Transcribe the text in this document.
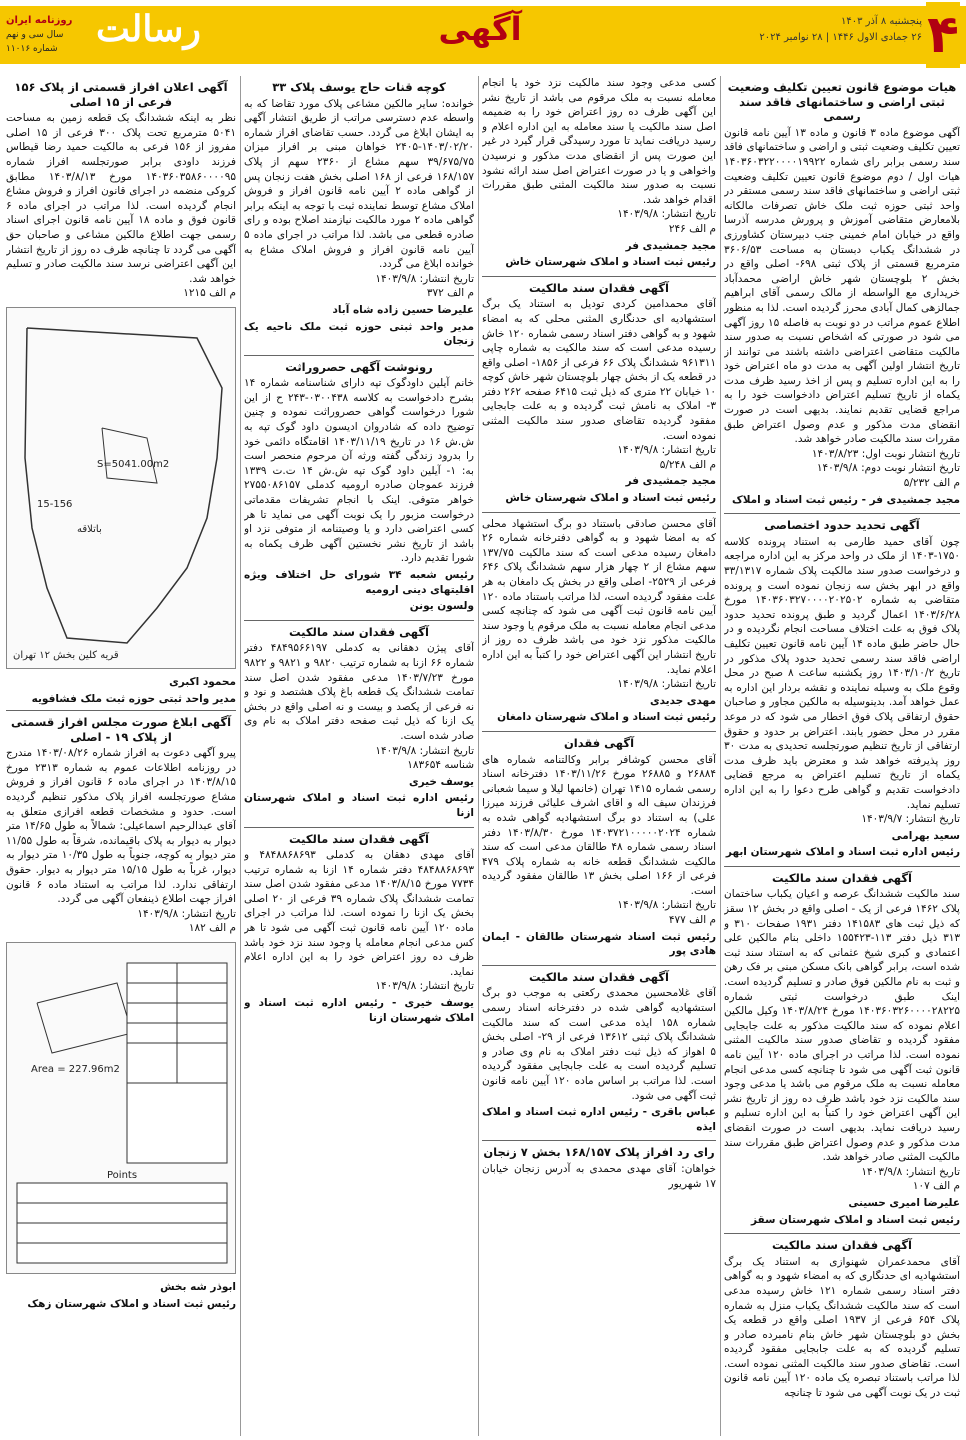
۴
پنجشنبه ۸ آذر ۱۴۰۳
۲۶ جمادی الاول ۱۴۴۶ | ۲۸ نوامبر ۲۰۲۴
آگهی
رسالت
روزنامه ایران
سال سی و نهم
شماره ۱۱۰۱۶
هیات موضوع قانون تعیین تکلیف وضعیت ثبتی اراضی و ساختمانهای فاقد سند رسمی

آگهی موضوع ماده ۳ قانون و ماده ۱۳ آیین نامه قانون تعیین تکلیف وضعیت ثبتی و اراضی و ساختمانهای فاقد سند رسمی برابر رای شماره ۱۴۰۳۶۰۳۲۲۰۰۰۰۱۹۹۲۲ هیات اول / دوم موضوع قانون تعیین تکلیف وضعیت ثبتی اراضی و ساختمانهای فاقد سند رسمی مستقر در واحد ثبتی حوزه ثبت ملک خاش تصرفات مالکانه بلامعارض متقاضی آموزش و پرورش مدرسه آذرسا واقع در خیابان امام خمینی جنب دبیرستان کشاورزی در ششدانگ یکباب دبستان به مساحت ۳۶۰۶/۵۳ مترمربع قسمتی از پلاک ثبتی ۶۹۸- اصلی واقع در بخش ۲ بلوچستان شهر خاش اراضی محمدآباد خریداری مع الواسطه از مالک رسمی آقای ابراهیم جمالزهی کمال آبادی محرز گردیده است. لذا به منظور اطلاع عموم مراتب در دو نوبت به فاصله ۱۵ روز آگهی می شود در صورتی که اشخاص نسبت به صدور سند مالکیت متقاضی اعتراضی داشته باشند می توانند از تاریخ انتشار اولین آگهی به مدت دو ماه اعتراض خود را به این اداره تسلیم و پس از اخذ رسید ظرف مدت یکماه از تاریخ تسلیم اعتراض دادخواست خود را به مراجع قضایی تقدیم نمایند. بدیهی است در صورت انقضای مدت مذکور و عدم وصول اعتراض طبق مقررات سند مالکیت صادر خواهد شد.

تاریخ انتشار نوبت اول: ۱۴۰۳/۸/۲۳
تاریخ انتشار نوبت دوم: ۱۴۰۳/۹/۸
م الف ۵/۲۳۲
مجید جمشیدی فر - رئیس ثبت اسناد و املاک
آگهی تحدید حدود اختصاصی

چون آقای حمید طارمی به استناد پرونده کلاسه ۱۷۵۰-۱۴۰۳ از ملک در واحد مرکز به این اداره مراجعه و درخواست صدور سند مالکیت پلاک شماره ۳۳/۱۳۱۷ واقع در ابهر بخش سه زنجان نموده است و پرونده متقاضی به شماره ۱۴۰۳۶۰۳۲۷۰۰۰۰۲۰۲۵۰۲ مورخ ۱۴۰۳/۶/۲۸ اعمال گردید و طبق پرونده تحدید حدود پلاک فوق به علت اختلاف مساحت انجام نگردیده و در حال حاضر طبق ماده ۱۴ آیین نامه قانون تعیین تکلیف اراضی فاقد سند رسمی تحدید حدود پلاک مذکور در تاریخ ۱۴۰۳/۱۰/۲ روز یکشنبه ساعت ۸ صبح در محل وقوع ملک به وسیله نماینده و نقشه بردار این اداره به عمل خواهد آمد. بدینوسیله به مالکین مجاور و صاحبان حقوق ارتفاقی پلاک فوق اخطار می شود که در موعد مقرر در محل حضور یابند. اعتراض بر حدود و حقوق ارتفاقی از تاریخ تنظیم صورتجلسه تحدیدی به مدت ۳۰ روز پذیرفته خواهد شد و معترض باید ظرف مدت یکماه از تاریخ تسلیم اعتراض به مرجع قضایی دادخواست تقدیم و گواهی طرح دعوا را به این اداره تسلیم نماید.

تاریخ انتشار: ۱۴۰۳/۹/۷
سعید بهرامی
رئیس اداره ثبت اسناد و املاک شهرستان ابهر
آگهی فقدان سند مالکیت

سند مالکیت ششدانگ عرصه و اعیان یکباب ساختمان پلاک ۱۴۶۲ فرعی از یک - اصلی واقع در بخش ۱۲ سقز که ذیل ثبت های ۱۴۱۵۸۳ دفتر ۱۹۳۱ صفحات ۳۱۰ و ۳۱۳ ذیل دفتر ۱۱۳-۱۵۵۴۲۳ داخلی بنام مالکین علی اعتمادی و کبری شیخ عثمانی که به استناد سند ثبت شده است، برابر گواهی بانک مسکن مبنی بر فک رهن و ثبت به نام مالکین فوق صادر و تسلیم گردیده است. اینک طبق درخواست ثبتی شماره ۱۴۰۳۶۰۳۲۶۰۰۰۰۲۸۲۲۵ مورخ ۱۴۰۳/۸/۲۴ وکیل مالکین اعلام نموده که سند مالکیت مذکور به علت جابجایی مفقود گردیده و تقاضای صدور سند مالکیت المثنی نموده است. لذا مراتب در اجرای ماده ۱۲۰ آیین نامه قانون ثبت آگهی می شود تا چنانچه کسی مدعی انجام معامله نسبت به ملک مرقوم می باشد یا مدعی وجود سند مالکیت نزد خود باشد ظرف ده روز از تاریخ نشر این آگهی اعتراض خود را کتباً به این اداره تسلیم و رسید دریافت نماید. بدیهی است در صورت انقضای مدت مذکور و عدم وصول اعتراض طبق مقررات سند مالکیت المثنی صادر خواهد شد.

تاریخ انتشار: ۱۴۰۳/۹/۸
م الف ۱۰۷
علیرضا امیری حسینی
رئیس ثبت اسناد و املاک شهرستان سقز
آگهی فقدان سند مالکیت

آقای محمدعمران شهنوازی به استناد یک برگ استشهادیه ای حدنگاری که به امضاء شهود و به گواهی دفتر اسناد رسمی شماره ۱۲۱ خاش رسیده مدعی است که سند مالکیت ششدانگ یکباب منزل به شماره پلاک ۶۵۴ فرعی از ۱۹۳۷ اصلی واقع در قطعه یک بخش دو بلوچستان شهر خاش بنام نامبرده صادر و تسلیم گردیده که به علت جابجایی مفقود گردیده است. تقاضای صدور سند مالکیت المثنی نموده است. لذا مراتب باستناد تبصره یک ماده ۱۲۰ آیین نامه قانون ثبت در یک نوبت آگهی می شود تا چنانچه

کسی مدعی وجود سند مالکیت نزد خود یا انجام معامله نسبت به ملک مرقوم می باشد از تاریخ نشر این آگهی ظرف ده روز اعتراض خود را به ضمیمه اصل سند مالکیت یا سند معامله به این اداره اعلام و رسید دریافت نماید تا مورد رسیدگی قرار گیرد در غیر این صورت پس از انقضای مدت مذکور و نرسیدن واخواهی و یا در صورت اعتراض اصل سند ارائه نشود نسبت به صدور سند مالکیت المثنی طبق مقررات اقدام خواهد شد.

تاریخ انتشار: ۱۴۰۳/۹/۸
م الف ۲۴۶
مجید جمشیدی فر
رئیس ثبت اسناد و املاک شهرستان خاش
آگهی فقدان سند مالکیت

آقای محمدامین کردی تودیل به استناد یک برگ استشهادیه ای حدنگاری المثنی محلی که به امضاء شهود و به گواهی دفتر اسناد رسمی شماره ۱۲۰ خاش رسیده مدعی است که سند مالکیت به شماره چاپی ۹۶۱۳۱۱ ششدانگ پلاک ۶۶ فرعی از ۱۸۵۶- اصلی واقع در قطعه یک از بخش چهار بلوچستان شهر خاش کوچه ۱۰ خیابان ۲۲ متری که ذیل ثبت ۶۴۱۵ صفحه ۲۶۲ دفتر ۳- املاک به نامش ثبت گردیده و به علت جابجایی مفقود گردیده تقاضای صدور سند مالکیت المثنی نموده است.

تاریخ انتشار: ۱۴۰۳/۹/۸
م الف ۵/۲۴۸
مجید جمشیدی فر
رئیس ثبت اسناد و املاک شهرستان خاش

آقای محسن صادقی باستناد دو برگ استشهاد محلی که به امضا شهود و به گواهی دفترخانه شماره ۲۶ دامغان رسیده مدعی است که سند مالکیت ۱۳۷/۷۵ سهم مشاع از ۲ چهار هزار سهم ششدانگ پلاک ۶۴۶ فرعی از ۲۵۲۹- اصلی واقع در بخش یک دامغان به هر علت مفقود گردیده است، لذا مراتب باستناد ماده ۱۲۰ آیین نامه قانون ثبت آگهی می شود که چنانچه کسی مدعی انجام معامله نسبت به ملک مرقوم یا وجود سند مالکیت مذکور نزد خود می باشد ظرف ده روز از تاریخ انتشار این آگهی اعتراض خود را کتباً به این اداره اعلام نماید.

تاریخ انتشار: ۱۴۰۳/۹/۸
مهدی جدیدی
رئیس ثبت اسناد و املاک شهرستان دامغان
آگهی فقدان

آقای محسن کوشافر برابر وکالتنامه شماره های ۲۶۸۸۴ و ۲۶۸۸۵ مورخ ۱۴۰۳/۱۱/۲۶ دفترخانه اسناد رسمی شماره ۱۴۱۵ تهران (خانمها لیلا و سیما شعبانی فرزندان سیف اله و اقای اشرف علیائی فرزند میرزا علی) به استناد دو برگ استشهادیه گواهی شده به شماره ۱۴۰۳۷۲۱۰۰۰۰۰۲۰۲۴ مورخ ۱۴۰۳/۸/۳۰ دفتر اسناد رسمی شماره ۴۸ طالقان مدعی است که سند مالکیت ششدانگ قطعه خانه به شماره پلاک ۴۷۹ فرعی از ۱۶۶ اصلی بخش ۱۳ طالقان مفقود گردیده است.

تاریخ انتشار: ۱۴۰۳/۹/۸
م الف ۴۷۷
رئیس ثبت اسناد شهرستان طالقان - ایمان هادی پور
آگهی فقدان سند مالکیت

آقای غلامحسین محمدی رکعتی به موجب دو برگ استشهادیه گواهی شده در دفترخانه اسناد رسمی شماره ۱۵۸ ایذه مدعی است که سند مالکیت ششدانگ پلاک ثبتی ۱۳۶۱۲ فرعی از ۲۹- اصلی بخش ۵ اهواز که ذیل ثبت دفتر املاک به نام وی صادر و تسلیم گردیده است به علت جابجایی مفقود گردیده است. لذا مراتب بر اساس ماده ۱۲۰ آیین نامه قانون ثبت آگهی می شود.

عباس باقری - رئیس اداره ثبت اسناد و املاک ایذه
رای رد افراز پلاک ۱۶۸/۱۵۷ بخش ۷ زنجان

خواهان: آقای مهدی محمدی به آدرس زنجان خیابان ۱۷ شهریور

کوچه قنات حاج یوسف پلاک ۳۳

خوانده: سایر مالکین مشاعی پلاک مورد تقاضا که به واسطه عدم دسترسی مراتب از طریق انتشار آگهی به ایشان ابلاغ می گردد. حسب تقاضای افراز شماره ۱۴۰۳/۰۲/۲۰-۲۴۰۵ خواهان مبنی بر افراز میزان ۳۹/۶۷۵/۷۵ سهم مشاع از ۲۳۶۰ سهم از پلاک ۱۶۸/۱۵۷ فرعی از ۱۶۸ اصلی بخش هفت زنجان پس از گواهی ماده ۲ آیین نامه قانون افراز و فروش املاک مشاع توسط نماینده ثبت با توجه به اینکه برابر گواهی ماده ۲ مورد مالکیت نیازمند اصلاح بوده و رای صادره قطعی می باشد. لذا مراتب در اجرای ماده ۵ آیین نامه قانون افراز و فروش املاک مشاع به خوانده ابلاغ می گردد.

تاریخ انتشار: ۱۴۰۳/۹/۸
م الف ۳۷۲
علیرضا حسین زاده شاه آباد
مدیر واحد ثبتی حوزه ثبت ملک ناحیه یک زنجان
رونوشت آگهی حصروراثت

خانم آیلین داودگوک تپه دارای شناسنامه شماره ۱۴ بشرح دادخواست به کلاسه ۰۳۰۰۴۳۸-۲۴۳ ح از این شورا درخواست گواهی حصروراثت نموده و چنین توضیح داده که شادروان ادیسون داود گوک تپه به ش.ش ۱۶ در تاریخ ۱۴۰۳/۱۱/۱۹ اقامتگاه دائمی خود را بدرود زندگی گفته ورثه آن مرحوم منحصر است به: ۱- آیلین داود گوک تپه ش.ش ۱۴ ت.ت ۱۳۳۹ فرزند عموجان صادره ارومیه کدملی ۲۷۵۵۰۸۶۱۵۷ خواهر متوفی. اینک با انجام تشریفات مقدماتی درخواست مزبور را یک نوبت آگهی می نماید تا هر کسی اعتراضی دارد و یا وصیتنامه از متوفی نزد او باشد از تاریخ نشر نخستین آگهی ظرف یکماه به شورا تقدیم دارد.

رئیس شعبه ۳۴ شورای حل اختلاف ویژه اقلیتهای دینی ارومیه
ولسون یونن
آگهی فقدان سند مالکیت

آقای پیژن دهقانی به کدملی ۴۸۴۹۵۶۶۱۹۷ دفتر شماره ۶۶ ازنا به شماره ترتیب ۹۸۲۰ و ۹۸۲۱ و ۹۸۲۲ مورخ ۱۴۰۳/۷/۲۳ مدعی مفقود شدن اصل سند تمامت ششدانگ یک قطعه باغ پلاک هشتصد و نود و نه فرعی از یکصد و بیست و نه اصلی واقع در بخش یک ازنا که ذیل ثبت صفحه دفتر املاک به نام وی صادر شده است.

تاریخ انتشار: ۱۴۰۳/۹/۸
شناسه ۱۸۳۶۵۴
یوسف خیری
رئیس اداره ثبت اسناد و املاک شهرستان ازنا
آگهی فقدان سند مالکیت

آقای مهدی دهقان به کدملی ۴۸۴۸۸۶۸۶۹۳ و ۴۸۴۸۸۶۸۶۹۳ دفتر شماره ۱۴ ازنا به شماره ترتیب ۷۷۳۴ مورخ ۱۴۰۳/۸/۱۵ مدعی مفقود شدن اصل سند تمامت ششدانگ پلاک شماره ۳۹ فرعی از ۲۰ اصلی بخش یک ازنا را نموده است. لذا مراتب در اجرای ماده ۱۲۰ آیین نامه قانون ثبت آگهی می شود تا هر کس مدعی انجام معامله یا وجود سند نزد خود باشد ظرف ده روز اعتراض خود را به این اداره اعلام نماید.

تاریخ انتشار: ۱۴۰۳/۹/۸
یوسف خیری - رئیس اداره ثبت اسناد و املاک شهرستان ازنا
آگهی اعلان افراز قسمتی از پلاک ۱۵۶ فرعی از ۱۵ اصلی

نظر به اینکه ششدانگ یک قطعه زمین به مساحت ۵۰۴۱ مترمربع تحت پلاک ۳۰۰ فرعی از ۱۵ اصلی مفروز از ۱۵۶ فرعی به مالکیت حمید رضا قیطاس فرزند داودی برابر صورتجلسه افراز شماره ۱۴۰۳۶۰۳۵۸۶۰۰۰۰۹۵ مورخ ۱۴۰۳/۸/۱۳ مطابق کروکی منضمه در اجرای قانون افراز و فروش مشاع انجام گردیده است. لذا مراتب در اجرای ماده ۶ قانون فوق و ماده ۱۸ آیین نامه قانون اجرای اسناد رسمی جهت اطلاع مالکین مشاعی و صاحبان حق آگهی می گردد تا چنانچه ظرف ده روز از تاریخ انتشار این آگهی اعتراضی نرسد سند مالکیت صادر و تسلیم خواهد شد.

م الف ۱۲۱۵
S=5041.00m2
15-156
باتلاقه
قریه کلین بخش ۱۲ تهران
محمود اکبری
مدیر واحد ثبتی حوزه ثبت ملک فشافویه
آگهی ابلاغ صورت مجلس افراز قسمتی از پلاک ۱۹ - اصلی

پیرو آگهی دعوت به افراز شماره ۱۴۰۳/۰۸/۲۶ مندرج در روزنامه اطلاعات عموم به شماره ۲۳۱۳ مورخ ۱۴۰۳/۸/۱۵ در اجرای ماده ۶ قانون افراز و فروش مشاع صورتجلسه افراز پلاک مذکور تنظیم گردیده است. حدود و مشخصات قطعه افرازی متعلق به آقای عبدالرحیم اسماعیلی: شمالاً به طول ۱۴/۶۵ متر دیوار به دیوار به پلاک باقیمانده، شرقاً به طول ۱۱/۵۵ متر دیوار به کوچه، جنوباً به طول ۱۰/۳۵ متر دیوار به دیوار، غرباً به طول ۱۵/۱۵ متر دیوار به دیوار. حقوق ارتفاقی ندارد. لذا مراتب به استناد ماده ۶ قانون افراز جهت اطلاع ذینفعان آگهی می گردد.

تاریخ انتشار: ۱۴۰۳/۹/۸
م الف ۱۸۲
Area = 227.96m2
Points
ابوذر شه بخش
رئیس ثبت اسناد و املاک شهرستان زهک
